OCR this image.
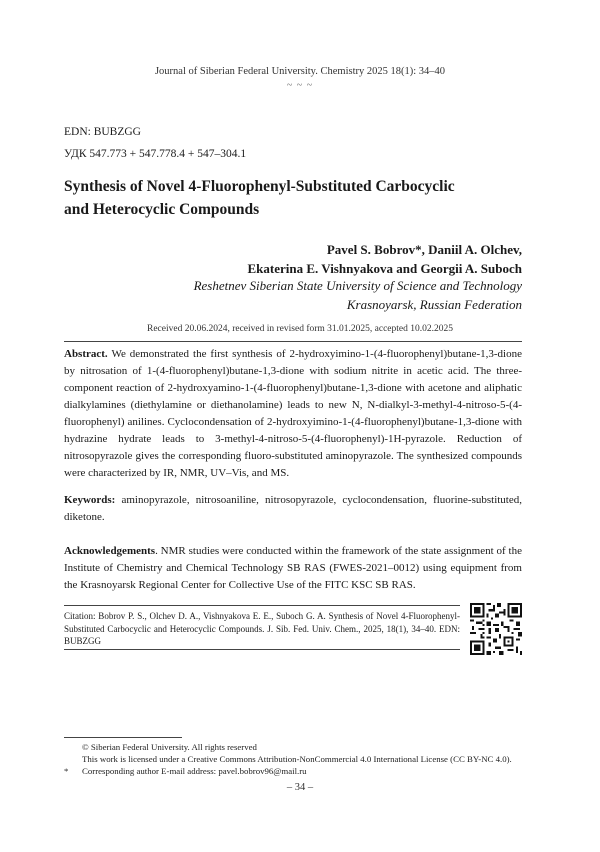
Journal of Siberian Federal University. Chemistry 2025 18(1): 34–40
~ ~ ~
EDN: BUBZGG
УДК 547.773 + 547.778.4 + 547–304.1
Synthesis of Novel 4-Fluorophenyl-Substituted Carbocyclic
and Heterocyclic Compounds
Pavel S. Bobrov*, Daniil A. Olchev,
Ekaterina E. Vishnyakova and Georgii A. Suboch
Reshetnev Siberian State University of Science and Technology
Krasnoyarsk, Russian Federation
Received 20.06.2024, received in revised form 31.01.2025, accepted 10.02.2025

Abstract. We demonstrated the first synthesis of 2-hydroxyimino-1-(4-fluorophenyl)butane-1,3-dione by nitrosation of 1-(4-fluorophenyl)butane-1,3-dione with sodium nitrite in acetic acid. The three-component reaction of 2-hydroxyamino-1-(4-fluorophenyl)butane-1,3-dione with acetone and aliphatic dialkylamines (diethylamine or diethanolamine) leads to new N, N-dialkyl-3-methyl-4-nitroso-5-(4-fluorophenyl) anilines. Cyclocondensation of 2-hydroxyimino-1-(4-fluorophenyl)butane-1,3-dione with hydrazine hydrate leads to 3-methyl-4-nitroso-5-(4-fluorophenyl)-1H-pyrazole. Reduction of nitrosopyrazole gives the corresponding fluoro-substituted aminopyrazole. The synthesized compounds were characterized by IR, NMR, UV–Vis, and MS.

Keywords: aminopyrazole, nitrosoaniline, nitrosopyrazole, cyclocondensation, fluorine-substituted, diketone.

Acknowledgements. NMR studies were conducted within the framework of the state assignment of the Institute of Chemistry and Chemical Technology SB RAS (FWES-2021–0012) using equipment from the Krasnoyarsk Regional Center for Collective Use of the FITC KSC SB RAS.

Citation: Bobrov P. S., Olchev D. A., Vishnyakova E. E., Suboch G. A. Synthesis of Novel 4-Fluorophenyl-Substituted Carbocyclic and Heterocyclic Compounds. J. Sib. Fed. Univ. Chem., 2025, 18(1), 34–40. EDN: BUBZGG

© Siberian Federal University. All rights reserved
This work is licensed under a Creative Commons Attribution-NonCommercial 4.0 International License (CC BY-NC 4.0).
* Corresponding author E-mail address: pavel.bobrov96@mail.ru
– 34 –
